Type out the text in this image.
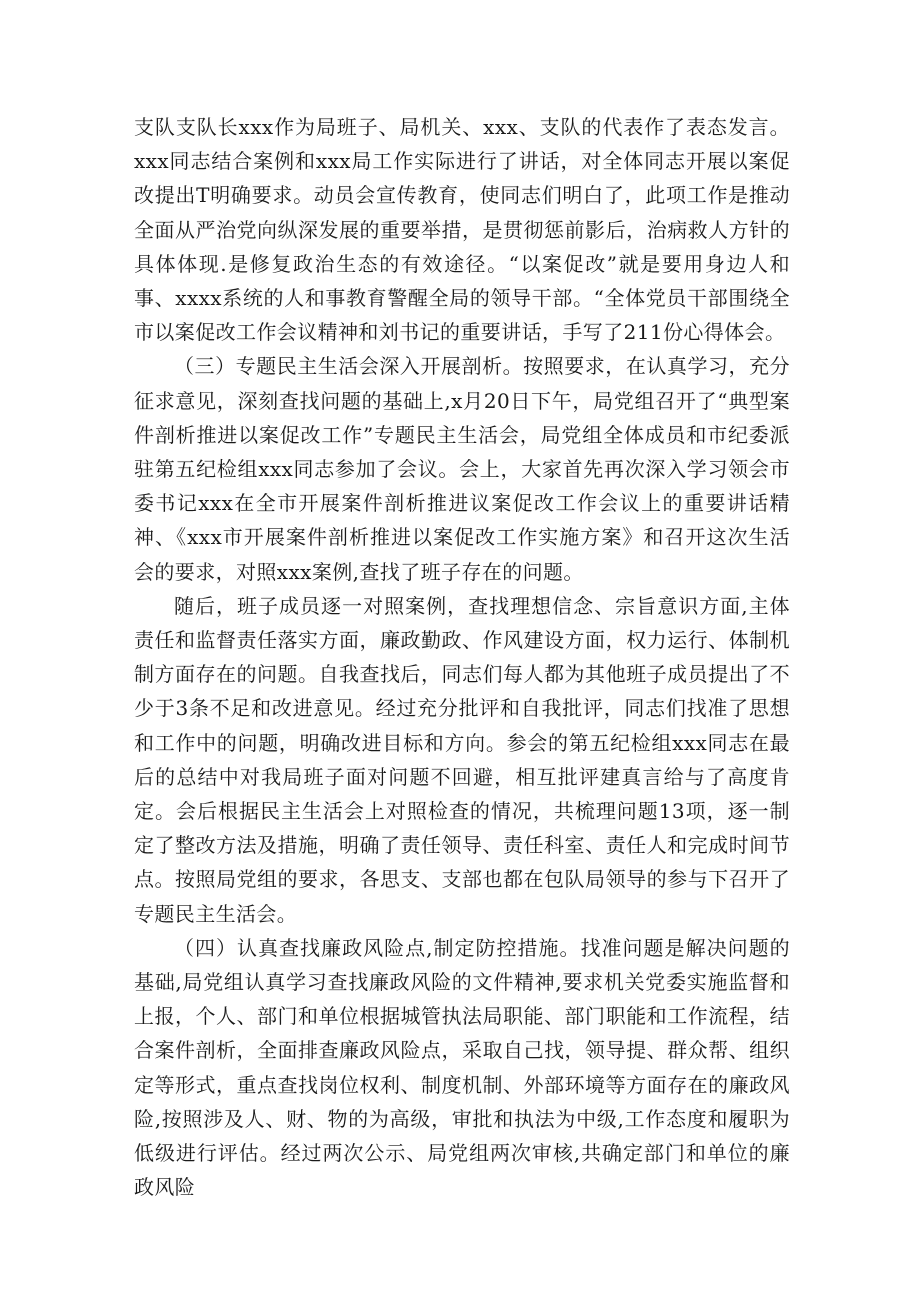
支队支队长xxx作为局班子、局机关、xxx、支队的代表作了表态发言。xxx同志结合案例和xxx局工作实际进行了讲话，对全体同志开展以案促改提出T明确要求。动员会宣传教育，使同志们明白了，此项工作是推动全面从严治党向纵深发展的重要举措，是贯彻惩前影后，治病救人方针的具体体现.是修复政治生态的有效途径。“以案促改”就是要用身边人和事、xxxx系统的人和事教育警醒全局的领导干部。“全体党员干部围绕全市以案促改工作会议精神和刘书记的重要讲话，手写了211份心得体会。

（三）专题民主生活会深入开展剖析。按照要求，在认真学习，充分征求意见，深刻查找问题的基础上,x月20日下午，局党组召开了“典型案件剖析推进以案促改工作”专题民主生活会，局党组全体成员和市纪委派驻第五纪检组xxx同志参加了会议。会上，大家首先再次深入学习领会市委书记xxx在全市开展案件剖析推进议案促改工作会议上的重要讲话精神、《xxx市开展案件剖析推进以案促改工作实施方案》和召开这次生活会的要求，对照xxx案例,查找了班子存在的问题。

随后，班子成员逐一对照案例，查找理想信念、宗旨意识方面,主体责任和监督责任落实方面，廉政勤政、作风建设方面，权力运行、体制机制方面存在的问题。自我查找后，同志们每人都为其他班子成员提出了不少于3条不足和改进意见。经过充分批评和自我批评，同志们找准了思想和工作中的问题，明确改进目标和方向。参会的第五纪检组xxx同志在最后的总结中对我局班子面对问题不回避，相互批评建真言给与了高度肯定。会后根据民主生活会上对照检查的情况，共梳理问题13项，逐一制定了整改方法及措施，明确了责任领导、责任科室、责任人和完成时间节点。按照局党组的要求，各思支、支部也都在包队局领导的参与下召开了专题民主生活会。

（四）认真查找廉政风险点,制定防控措施。找准问题是解决问题的基础,局党组认真学习查找廉政风险的文件精神,要求机关党委实施监督和上报，个人、部门和单位根据城管执法局职能、部门职能和工作流程，结合案件剖析，全面排查廉政风险点，采取自己找，领导提、群众帮、组织定等形式，重点查找岗位权利、制度机制、外部环境等方面存在的廉政风险,按照涉及人、财、物的为高级，审批和执法为中级,工作态度和履职为低级进行评估。经过两次公示、局党组两次审核,共确定部门和单位的廉政风险
